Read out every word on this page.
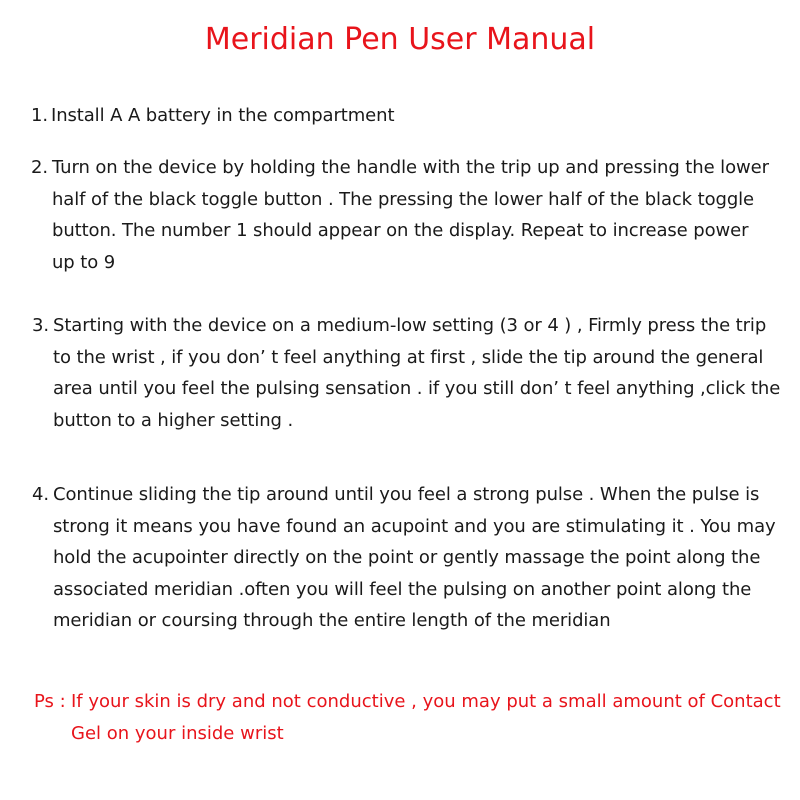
Meridian Pen User Manual

1. Install A A battery in the compartment

2. Turn on the device by holding the handle with the trip up and pressing the lower half of the black toggle button . The pressing the lower half of the black toggle button. The number 1 should appear on the display. Repeat to increase power up to 9

3. Starting with the device on a medium-low setting (3 or 4 ) , Firmly press the trip to the wrist , if you don’ t feel anything at first , slide the tip around the general area until you feel the pulsing sensation . if you still don’ t feel anything ,click the button to a higher setting .

4. Continue sliding the tip around until you feel a strong pulse . When the pulse is strong it means you have found an acupoint and you are stimulating it . You may hold the acupointer directly on the point or gently massage the point along the associated meridian .often you will feel the pulsing on another point along the meridian or coursing through the entire length of the meridian

Ps : If your skin is dry and not conductive , you may put a small amount of Contact Gel on your inside wrist
